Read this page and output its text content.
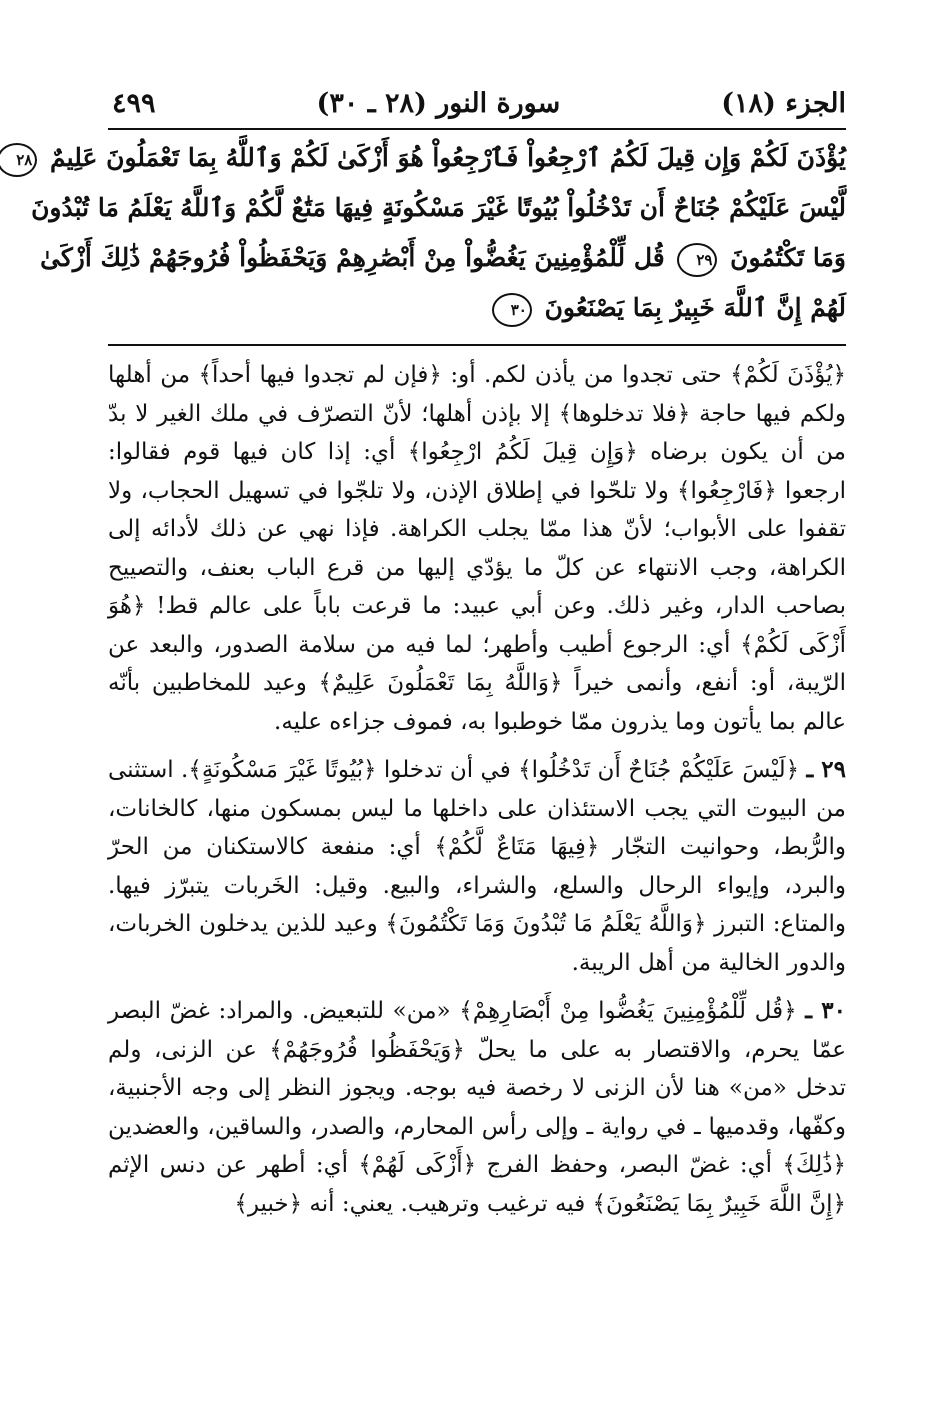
الجزء (١٨)
سورة النور (٢٨ ـ ٣٠)
٤٩٩
يُؤْذَنَ لَكُمْ وَإِن قِيلَ لَكُمُ ٱرْجِعُواْ فَٱرْجِعُواْ هُوَ أَزْكَىٰ لَكُمْ وَٱللَّهُ بِمَا تَعْمَلُونَ عَلِيمٌ ٢٨
لَّيْسَ عَلَيْكُمْ جُنَاحٌ أَن تَدْخُلُواْ بُيُوتًا غَيْرَ مَسْكُونَةٍ فِيهَا مَتَٰعٌ لَّكُمْ وَٱللَّهُ يَعْلَمُ مَا تُبْدُونَ
وَمَا تَكْتُمُونَ ٢٩ قُل لِّلْمُؤْمِنِينَ يَغُضُّواْ مِنْ أَبْصَٰرِهِمْ وَيَحْفَظُواْ فُرُوجَهُمْ ذَٰلِكَ أَزْكَىٰ
لَهُمْ إِنَّ ٱللَّهَ خَبِيرٌ بِمَا يَصْنَعُونَ ٣٠

﴿يُؤْذَنَ لَكُمْ﴾ حتى تجدوا من يأذن لكم. أو: ﴿فإن لم تجدوا فيها أحداً﴾ من أهلها ولكم فيها حاجة ﴿فلا تدخلوها﴾ إلا بإذن أهلها؛ لأنّ التصرّف في ملك الغير لا بدّ من أن يكون برضاه ﴿وَإِن قِيلَ لَكُمُ ارْجِعُوا﴾ أي: إذا كان فيها قوم فقالوا: ارجعوا ﴿فَارْجِعُوا﴾ ولا تلحّوا في إطلاق الإذن، ولا تلجّوا في تسهيل الحجاب، ولا تقفوا على الأبواب؛ لأنّ هذا ممّا يجلب الكراهة. فإذا نهي عن ذلك لأدائه إلى الكراهة، وجب الانتهاء عن كلّ ما يؤدّي إليها من قرع الباب بعنف، والتصييح بصاحب الدار، وغير ذلك. وعن أبي عبيد: ما قرعت باباً على عالم قط! ﴿هُوَ أَزْكَى لَكُمْ﴾ أي: الرجوع أطيب وأطهر؛ لما فيه من سلامة الصدور، والبعد عن الرّيبة، أو: أنفع، وأنمى خيراً ﴿وَاللَّهُ بِمَا تَعْمَلُونَ عَلِيمٌ﴾ وعيد للمخاطبين بأنّه عالم بما يأتون وما يذرون ممّا خوطبوا به، فموف جزاءه عليه.

٢٩ ـ ﴿لَيْسَ عَلَيْكُمْ جُنَاحٌ أَن تَدْخُلُوا﴾ في أن تدخلوا ﴿بُيُوتًا غَيْرَ مَسْكُونَةٍ﴾. استثنى من البيوت التي يجب الاستئذان على داخلها ما ليس بمسكون منها، كالخانات، والرُّبط، وحوانيت التجّار ﴿فِيهَا مَتَاعٌ لَّكُمْ﴾ أي: منفعة كالاستكنان من الحرّ والبرد، وإيواء الرحال والسلع، والشراء، والبيع. وقيل: الخَربات يتبرّز فيها. والمتاع: التبرز ﴿وَاللَّهُ يَعْلَمُ مَا تُبْدُونَ وَمَا تَكْتُمُونَ﴾ وعيد للذين يدخلون الخربات، والدور الخالية من أهل الريبة.

٣٠ ـ ﴿قُل لِّلْمُؤْمِنِينَ يَغُضُّوا مِنْ أَبْصَارِهِمْ﴾ «من» للتبعيض. والمراد: غضّ البصر عمّا يحرم، والاقتصار به على ما يحلّ ﴿وَيَحْفَظُوا فُرُوجَهُمْ﴾ عن الزنى، ولم تدخل «من» هنا لأن الزنى لا رخصة فيه بوجه. ويجوز النظر إلى وجه الأجنبية، وكفّها، وقدميها ـ في رواية ـ وإلى رأس المحارم، والصدر، والساقين، والعضدين ﴿ذَٰلِكَ﴾ أي: غضّ البصر، وحفظ الفرج ﴿أَزْكَى لَهُمْ﴾ أي: أطهر عن دنس الإثم ﴿إِنَّ اللَّهَ خَبِيرٌ بِمَا يَصْنَعُونَ﴾ فيه ترغيب وترهيب. يعني: أنه ﴿خبير﴾
